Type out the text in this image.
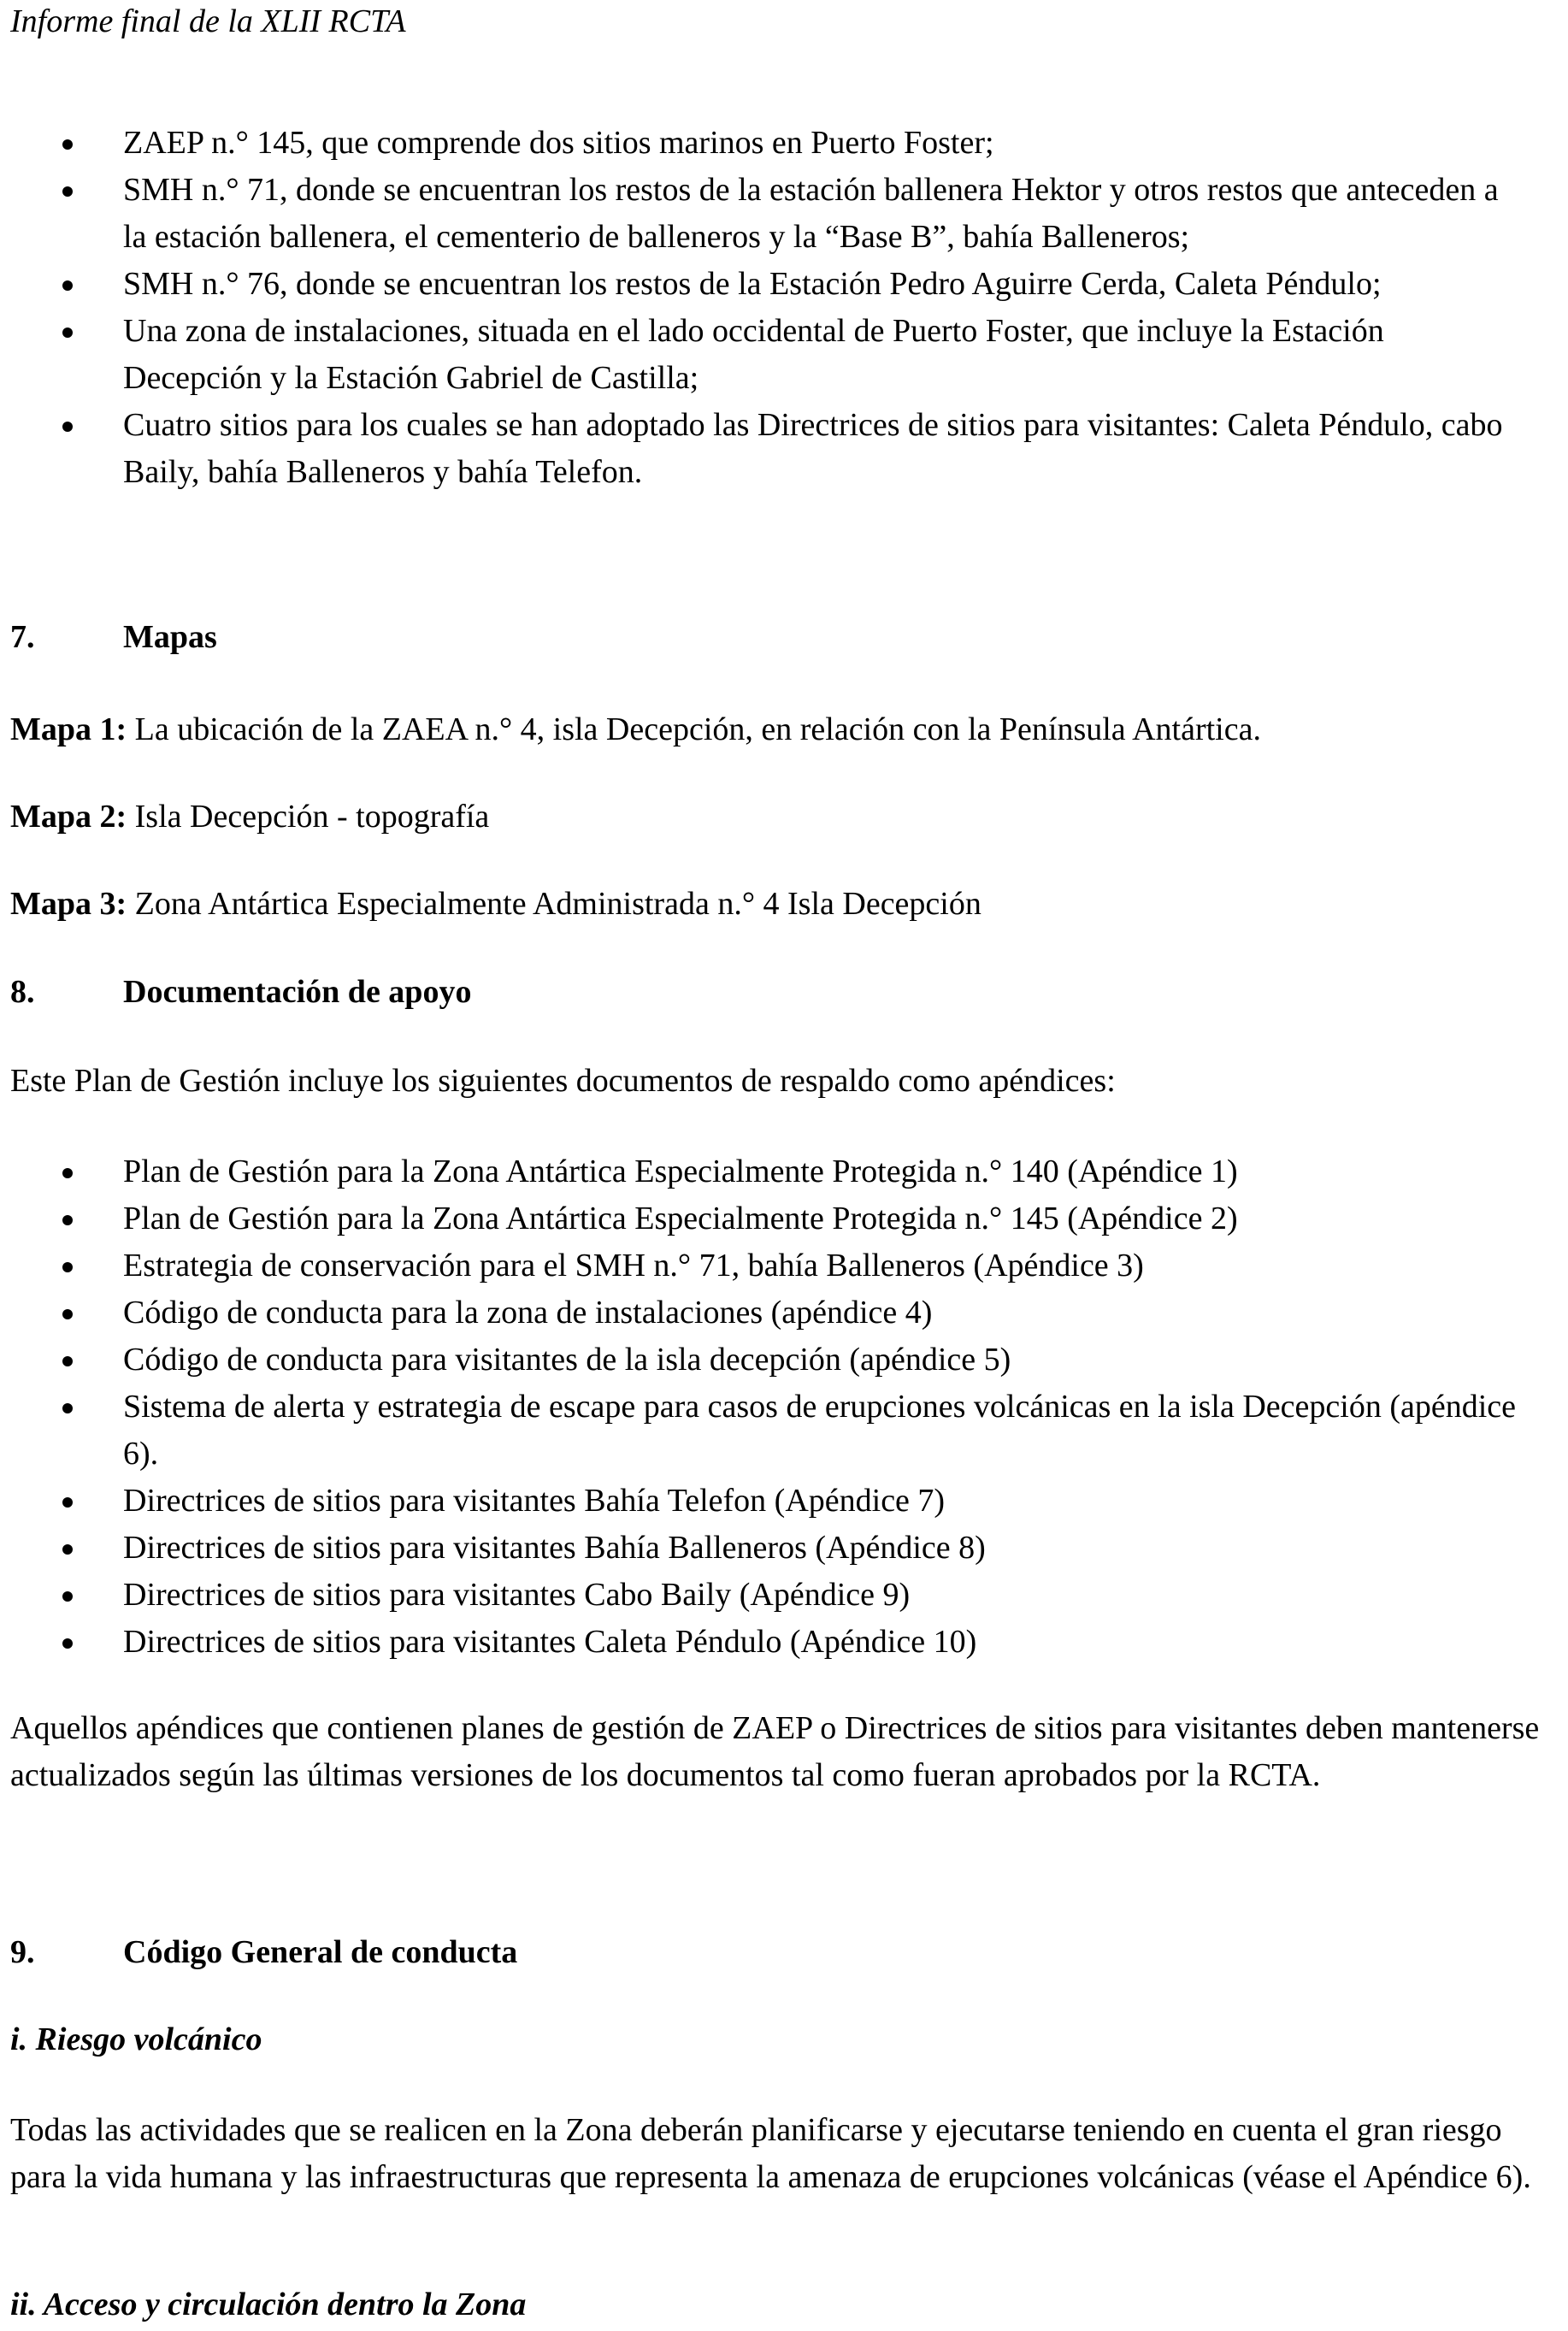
Informe final de la XLII RCTA
ZAEP n.° 145, que comprende dos sitios marinos en Puerto Foster;
SMH n.° 71, donde se encuentran los restos de la estación ballenera Hektor y otros restos que anteceden a la estación ballenera, el cementerio de balleneros y la “Base B”, bahía Balleneros;
SMH n.° 76, donde se encuentran los restos de la Estación Pedro Aguirre Cerda, Caleta Péndulo;
Una zona de instalaciones, situada en el lado occidental de Puerto Foster, que incluye la Estación Decepción y la Estación Gabriel de Castilla;
Cuatro sitios para los cuales se han adoptado las Directrices de sitios para visitantes: Caleta Péndulo, cabo Baily, bahía Balleneros y bahía Telefon.
7.	Mapas
Mapa 1: La ubicación de la ZAEA n.° 4, isla Decepción, en relación con la Península Antártica.
Mapa 2: Isla Decepción - topografía
Mapa 3: Zona Antártica Especialmente Administrada n.° 4 Isla Decepción
8.	Documentación de apoyo
Este Plan de Gestión incluye los siguientes documentos de respaldo como apéndices:
Plan de Gestión para la Zona Antártica Especialmente Protegida n.° 140 (Apéndice 1)
Plan de Gestión para la Zona Antártica Especialmente Protegida n.° 145 (Apéndice 2)
Estrategia de conservación para el SMH n.° 71, bahía Balleneros (Apéndice 3)
Código de conducta para la zona de instalaciones (apéndice 4)
Código de conducta para visitantes de la isla decepción (apéndice 5)
Sistema de alerta y estrategia de escape para casos de erupciones volcánicas en la isla Decepción (apéndice 6).
Directrices de sitios para visitantes Bahía Telefon (Apéndice 7)
Directrices de sitios para visitantes Bahía Balleneros (Apéndice 8)
Directrices de sitios para visitantes Cabo Baily (Apéndice 9)
Directrices de sitios para visitantes Caleta Péndulo (Apéndice 10)
Aquellos apéndices que contienen planes de gestión de ZAEP o Directrices de sitios para visitantes deben mantenerse actualizados según las últimas versiones de los documentos tal como fueran aprobados por la RCTA.
9.	Código General de conducta
i. Riesgo volcánico
Todas las actividades que se realicen en la Zona deberán planificarse y ejecutarse teniendo en cuenta el gran riesgo para la vida humana y las infraestructuras que representa la amenaza de erupciones volcánicas (véase el Apéndice 6).
ii. Acceso y circulación dentro la Zona
